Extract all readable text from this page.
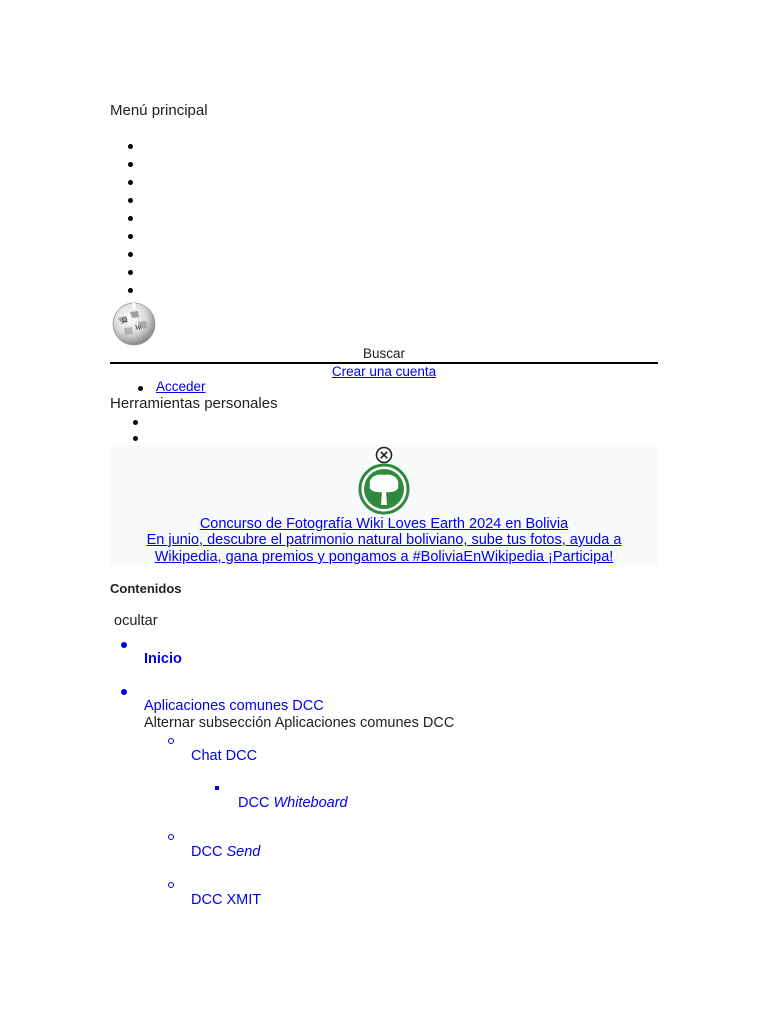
Menú principal
Ω
W
Buscar
Crear una cuenta
Acceder
Herramientas personales
Concurso de Fotografía Wiki Loves Earth 2024 en Bolivia
En junio, descubre el patrimonio natural boliviano, sube tus fotos, ayuda a
Wikipedia, gana premios y pongamos a #BoliviaEnWikipedia ¡Participa!
Contenidos
ocultar
Inicio
Aplicaciones comunes DCC
Alternar subsección Aplicaciones comunes DCC
Chat DCC
DCC Whiteboard
DCC Send
DCC XMIT
